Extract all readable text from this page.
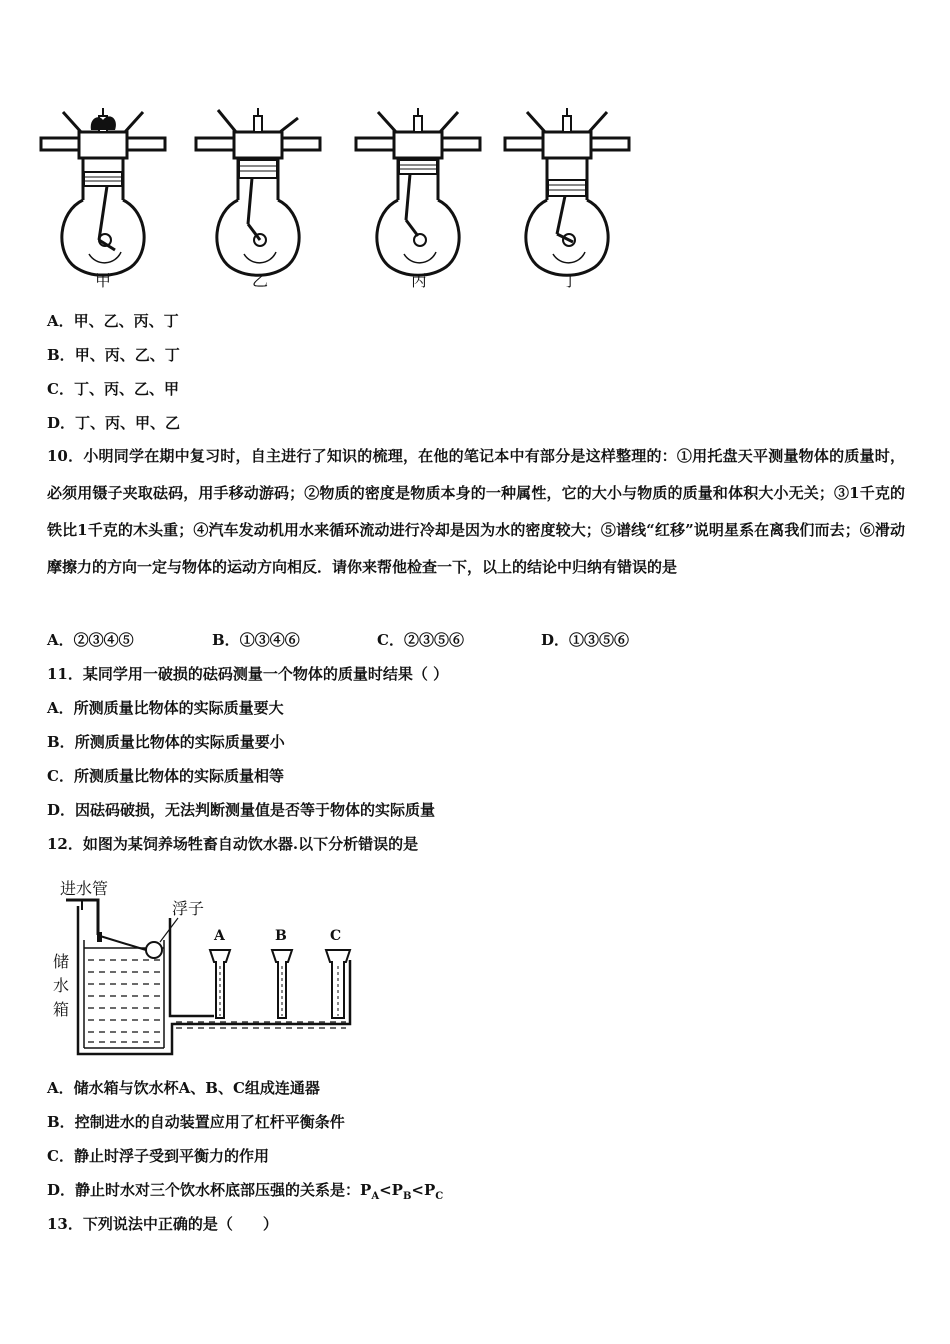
甲	乙	丙	丁
A．甲、乙、丙、丁
B．甲、丙、乙、丁
C．丁、丙、乙、甲
D．丁、丙、甲、乙
10．小明同学在期中复习时，自主进行了知识的梳理，在他的笔记本中有部分是这样整理的：①用托盘天平测量物体的质量时，必须用镊子夹取砝码，用手移动游码；②物质的密度是物质本身的一种属性，它的大小与物质的质量和体积大小无关；③1千克的铁比1千克的木头重；④汽车发动机用水来循环流动进行冷却是因为水的密度较大；⑤谱线“红移”说明星系在离我们而去；⑥滑动摩擦力的方向一定与物体的运动方向相反．请你来帮他检查一下，以上的结论中归纳有错误的是
A．②③④⑤	B．①③④⑥	C．②③⑤⑥	D．①③⑤⑥
11．某同学用一破损的砝码测量一个物体的质量时结果（ ）
A．所测质量比物体的实际质量要大
B．所测质量比物体的实际质量要小
C．所测质量比物体的实际质量相等
D．因砝码破损，无法判断测量值是否等于物体的实际质量
12．如图为某饲养场牲畜自动饮水器.以下分析错误的是
进水管
浮子
储
水
箱
A	B	C
A．储水箱与饮水杯A、B、C组成连通器
B．控制进水的自动装置应用了杠杆平衡条件
C．静止时浮子受到平衡力的作用
D．静止时水对三个饮水杯底部压强的关系是：$P_A<P_B<P_C$
13．下列说法中正确的是（　　）
